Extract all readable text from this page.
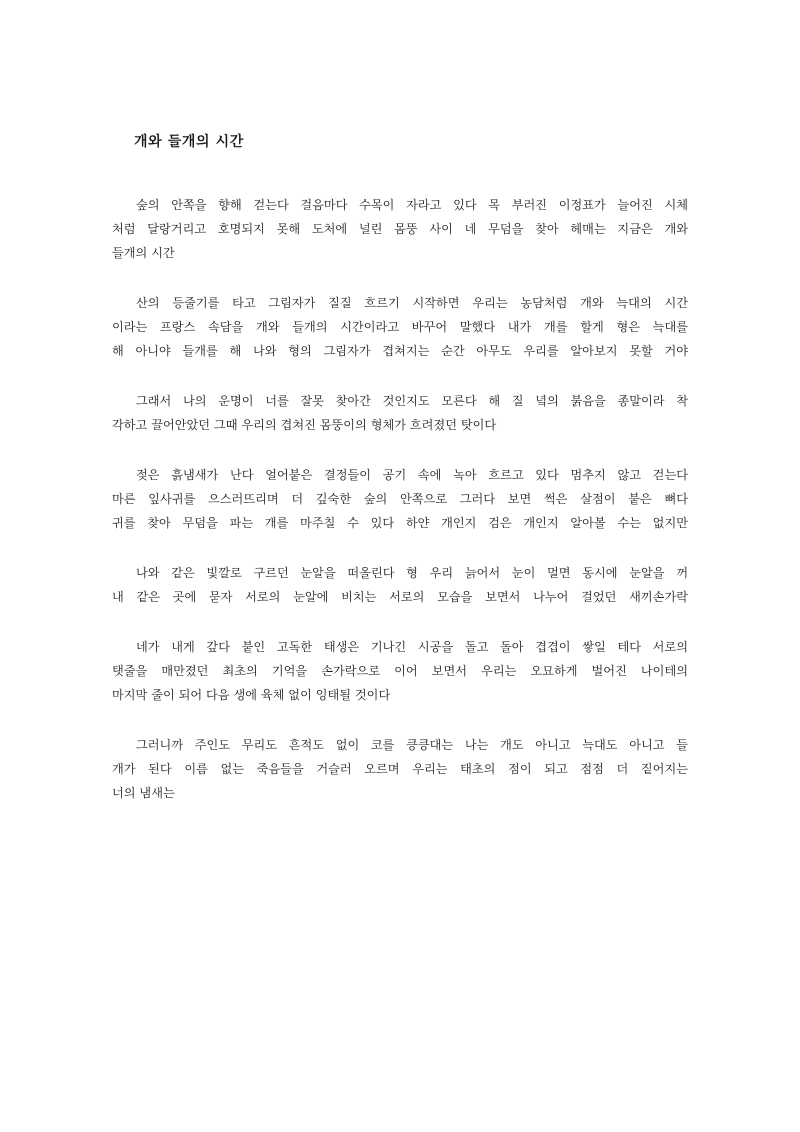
개와 들개의 시간
숲의 안쪽을 향해 걷는다 걸음마다 수목이 자라고 있다 목 부러진 이정표가 늘어진 시체
처럼 달랑거리고 호명되지 못해 도처에 널린 몸뚱 사이 네 무덤을 찾아 헤매는 지금은 개와
들개의 시간
산의 등줄기를 타고 그림자가 질질 흐르기 시작하면 우리는 농담처럼 개와 늑대의 시간
이라는 프랑스 속담을 개와 들개의 시간이라고 바꾸어 말했다 내가 개를 할게 형은 늑대를
해 아니야 들개를 해 나와 형의 그림자가 겹쳐지는 순간 아무도 우리를 알아보지 못할 거야
그래서 나의 운명이 너를 잘못 찾아간 것인지도 모른다 해 질 녘의 붉음을 종말이라 착
각하고 끌어안았던 그때 우리의 겹쳐진 몸뚱이의 형체가 흐려졌던 탓이다
젖은 흙냄새가 난다 얼어붙은 결정들이 공기 속에 녹아 흐르고 있다 멈추지 않고 걷는다
마른 잎사귀를 으스러뜨리며 더 깊숙한 숲의 안쪽으로 그러다 보면 썩은 살점이 붙은 뼈다
귀를 찾아 무덤을 파는 개를 마주칠 수 있다 하얀 개인지 검은 개인지 알아볼 수는 없지만
나와 같은 빛깔로 구르던 눈알을 떠올린다 형 우리 늙어서 눈이 멀면 동시에 눈알을 꺼
내 같은 곳에 묻자 서로의 눈알에 비치는 서로의 모습을 보면서 나누어 걸었던 새끼손가락
네가 내게 갚다 붙인 고독한 태생은 기나긴 시공을 돌고 돌아 겹겹이 쌓일 테다 서로의
탯줄을 매만졌던 최초의 기억을 손가락으로 이어 보면서 우리는 오묘하게 벌어진 나이테의
마지막 줄이 되어 다음 생에 육체 없이 잉태될 것이다
그러니까 주인도 무리도 흔적도 없이 코를 킁킁대는 나는 개도 아니고 늑대도 아니고 들
개가 된다 이름 없는 죽음들을 거슬러 오르며 우리는 태초의 점이 되고 점점 더 짙어지는
너의 냄새는
